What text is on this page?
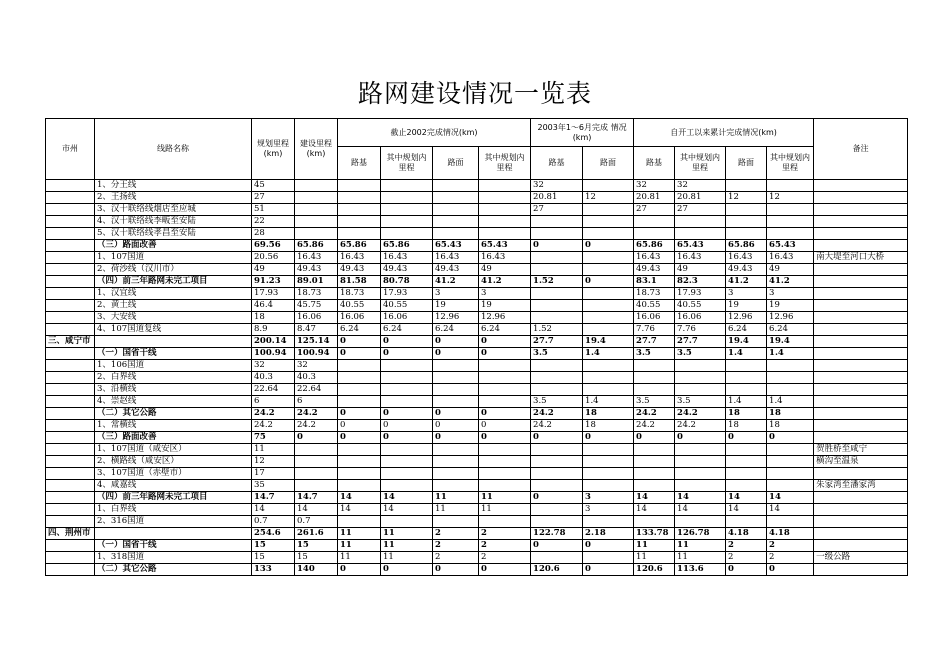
路网建设情况一览表
市州	线路名称	规划里程(km)	建设里程(km)	截止2002完成情况(km)				2003年1～6月完成 情况(km)		自开工以来累计完成情况(km)				备注
				路基	其中规划内里程	路面	其中规划内里程	路基	路面	路基	其中规划内里程	路面	其中规划内里程	
	1、分王线	45						32		32	32			
	2、王扬线	27						20.81	12	20.81	20.81	12	12	
	3、汉十联络线烟店至应城	51						27		27	27			
	4、汉十联络线李畈至安陆	22												
	5、汉十联络线孝昌至安陆	28												
	（三）路面改善	69.56	65.86	65.86	65.86	65.43	65.43	0	0	65.86	65.43	65.86	65.43	
	1、107国道	20.56	16.43	16.43	16.43	16.43	16.43			16.43	16.43	16.43	16.43	南大堤至河口大桥
	2、荷沙线（汉川市）	49	49.43	49.43	49.43	49.43	49			49.43	49	49.43	49	
	（四）前三年路网未完工项目	91.23	89.01	81.58	80.78	41.2	41.2	1.52	0	83.1	82.3	41.2	41.2	
	1、汉宜线	17.93	18.73	18.73	17.93	3	3			18.73	17.93	3	3	
	2、黄土线	46.4	45.75	40.55	40.55	19	19			40.55	40.55	19	19	
	3、大安线	18	16.06	16.06	16.06	12.96	12.96			16.06	16.06	12.96	12.96	
	4、107国道复线	8.9	8.47	6.24	6.24	6.24	6.24	1.52		7.76	7.76	6.24	6.24	
三、咸宁市		200.14	125.14	0	0	0	0	27.7	19.4	27.7	27.7	19.4	19.4	
	（一）国省干线	100.94	100.94	0	0	0	0	3.5	1.4	3.5	3.5	1.4	1.4	
	1、106国道	32	32											
	2、白界线	40.3	40.3											
	3、沿横线	22.64	22.64											
	4、崇赵线	6	6					3.5	1.4	3.5	3.5	1.4	1.4	
	（二）其它公路	24.2	24.2	0	0	0	0	24.2	18	24.2	24.2	18	18	
	1、常横线	24.2	24.2	0	0	0	0	24.2	18	24.2	24.2	18	18	
	（三）路面改善	75	0	0	0	0	0	0	0	0	0	0	0	
	1、107国道（咸安区）	11												贺胜桥至咸宁
	2、横路线（咸安区）	12												横沟至温泉
	3、107国道（赤壁市）	17												
	4、咸嘉线	35												朱家湾至潘家湾
	（四）前三年路网未完工项目	14.7	14.7	14	14	11	11	0	3	14	14	14	14	
	1、白界线	14	14	14	14	11	11		3	14	14	14	14	
	2、316国道	0.7	0.7											
四、荆州市		254.6	261.6	11	11	2	2	122.78	2.18	133.78	126.78	4.18	4.18	
	（一）国省干线	15	15	11	11	2	2	0	0	11	11	2	2	
	1、318国道	15	15	11	11	2	2			11	11	2	2	一级公路
	（二）其它公路	133	140	0	0	0	0	120.6	0	120.6	113.6	0	0	
